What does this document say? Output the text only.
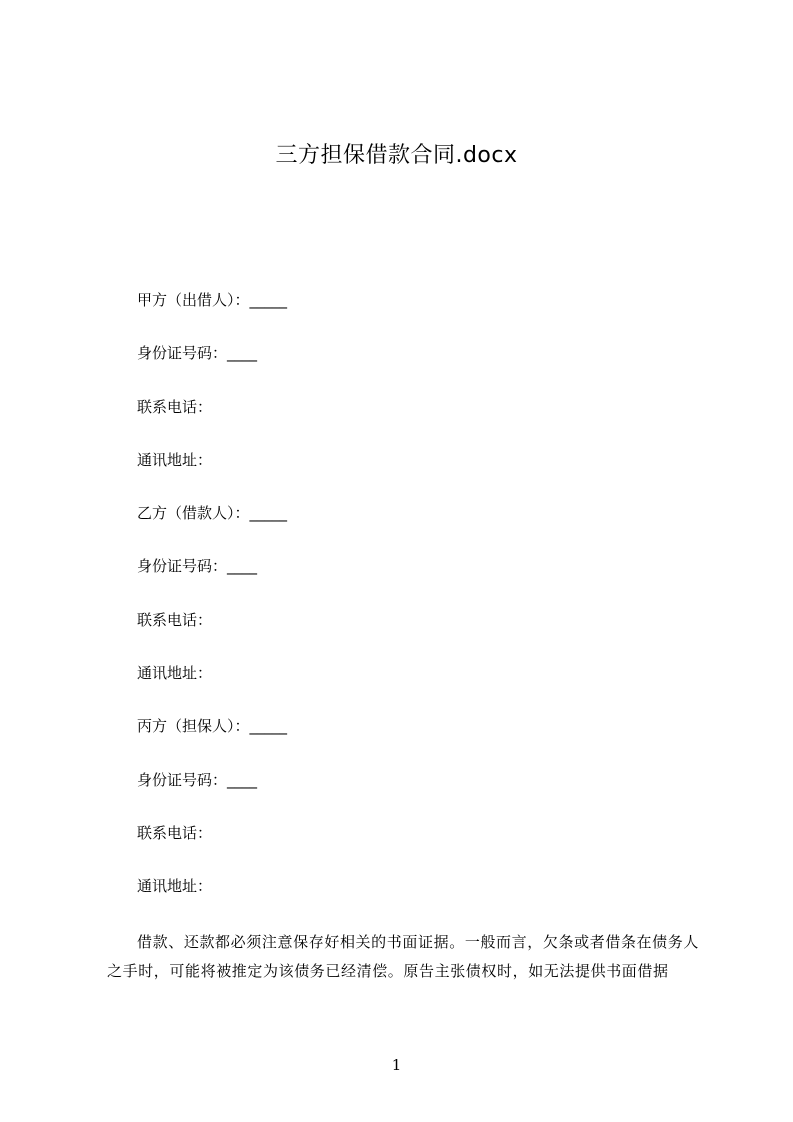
三方担保借款合同.docx
甲方（出借人）：_____
身份证号码：____
联系电话：
通讯地址：
乙方（借款人）：_____
身份证号码：____
联系电话：
通讯地址：
丙方（担保人）：_____
身份证号码：____
联系电话：
通讯地址：

借款、还款都必须注意保存好相关的书面证据。一般而言，欠条或者借条在债务人之手时，可能将被推定为该债务已经清偿。原告主张债权时，如无法提供书面借据

1
